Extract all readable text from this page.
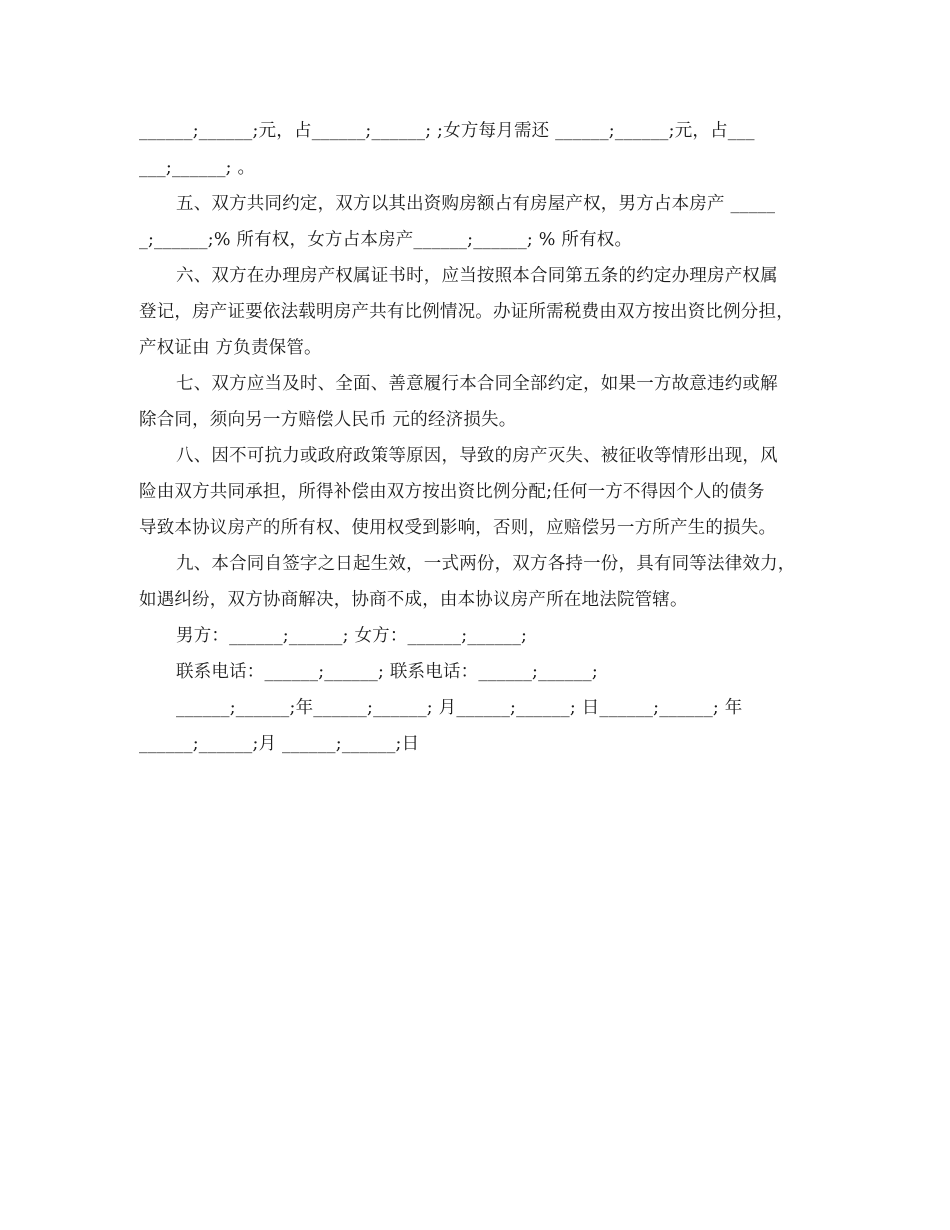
______;______;元，占______;______; ;女方每月需还 ______;______;元，占___
___;______; 。
五、双方共同约定，双方以其出资购房额占有房屋产权，男方占本房产 _____
_;______;% 所有权，女方占本房产______;______; % 所有权。
六、双方在办理房产权属证书时，应当按照本合同第五条的约定办理房产权属
登记，房产证要依法载明房产共有比例情况。办证所需税费由双方按出资比例分担，
产权证由 方负责保管。
七、双方应当及时、全面、善意履行本合同全部约定，如果一方故意违约或解
除合同，须向另一方赔偿人民币 元的经济损失。
八、因不可抗力或政府政策等原因，导致的房产灭失、被征收等情形出现，风
险由双方共同承担，所得补偿由双方按出资比例分配;任何一方不得因个人的债务
导致本协议房产的所有权、使用权受到影响，否则，应赔偿另一方所产生的损失。
九、本合同自签字之日起生效，一式两份，双方各持一份，具有同等法律效力，
如遇纠纷，双方协商解决，协商不成，由本协议房产所在地法院管辖。
男方：______;______; 女方：______;______;
联系电话：______;______; 联系电话：______;______;
______;______;年______;______; 月______;______; 日______;______; 年
______;______;月 ______;______;日
